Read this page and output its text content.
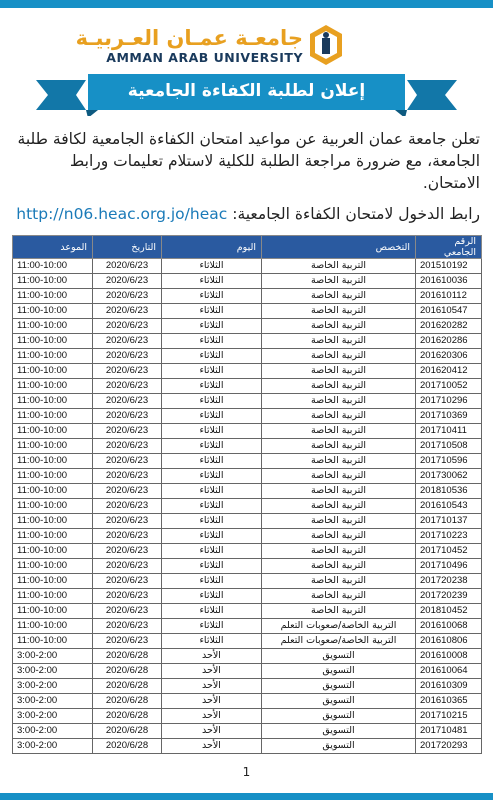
جامعـة عمـان العـربيـة
AMMAN ARAB UNIVERSITY
إعلان لطلبة الكفاءة الجامعية
تعلن جامعة عمان العربية عن مواعيد امتحان الكفاءة الجامعية لكافة طلبة الجامعة، مع ضرورة مراجعة الطلبة للكلية لاستلام تعليمات ورابط الامتحان.
رابط الدخول لامتحان الكفاءة الجامعية: http://n06.heac.org.jo/heac
الرقم الجامعي	التخصص	اليوم	التاريخ	الموعد
201510192	التربية الخاصة	الثلاثاء	2020/6/23	11:00-10:00
201610036	التربية الخاصة	الثلاثاء	2020/6/23	11:00-10:00
201610112	التربية الخاصة	الثلاثاء	2020/6/23	11:00-10:00
201610547	التربية الخاصة	الثلاثاء	2020/6/23	11:00-10:00
201620282	التربية الخاصة	الثلاثاء	2020/6/23	11:00-10:00
201620286	التربية الخاصة	الثلاثاء	2020/6/23	11:00-10:00
201620306	التربية الخاصة	الثلاثاء	2020/6/23	11:00-10:00
201620412	التربية الخاصة	الثلاثاء	2020/6/23	11:00-10:00
201710052	التربية الخاصة	الثلاثاء	2020/6/23	11:00-10:00
201710296	التربية الخاصة	الثلاثاء	2020/6/23	11:00-10:00
201710369	التربية الخاصة	الثلاثاء	2020/6/23	11:00-10:00
201710411	التربية الخاصة	الثلاثاء	2020/6/23	11:00-10:00
201710508	التربية الخاصة	الثلاثاء	2020/6/23	11:00-10:00
201710596	التربية الخاصة	الثلاثاء	2020/6/23	11:00-10:00
201730062	التربية الخاصة	الثلاثاء	2020/6/23	11:00-10:00
201810536	التربية الخاصة	الثلاثاء	2020/6/23	11:00-10:00
201610543	التربية الخاصة	الثلاثاء	2020/6/23	11:00-10:00
201710137	التربية الخاصة	الثلاثاء	2020/6/23	11:00-10:00
201710223	التربية الخاصة	الثلاثاء	2020/6/23	11:00-10:00
201710452	التربية الخاصة	الثلاثاء	2020/6/23	11:00-10:00
201710496	التربية الخاصة	الثلاثاء	2020/6/23	11:00-10:00
201720238	التربية الخاصة	الثلاثاء	2020/6/23	11:00-10:00
201720239	التربية الخاصة	الثلاثاء	2020/6/23	11:00-10:00
201810452	التربية الخاصة	الثلاثاء	2020/6/23	11:00-10:00
201610068	التربية الخاصة/صعوبات التعلم	الثلاثاء	2020/6/23	11:00-10:00
201610806	التربية الخاصة/صعوبات التعلم	الثلاثاء	2020/6/23	11:00-10:00
201610008	التسويق	الأحد	2020/6/28	3:00-2:00
201610064	التسويق	الأحد	2020/6/28	3:00-2:00
201610309	التسويق	الأحد	2020/6/28	3:00-2:00
201610365	التسويق	الأحد	2020/6/28	3:00-2:00
201710215	التسويق	الأحد	2020/6/28	3:00-2:00
201710481	التسويق	الأحد	2020/6/28	3:00-2:00
201720293	التسويق	الأحد	2020/6/28	3:00-2:00
1
